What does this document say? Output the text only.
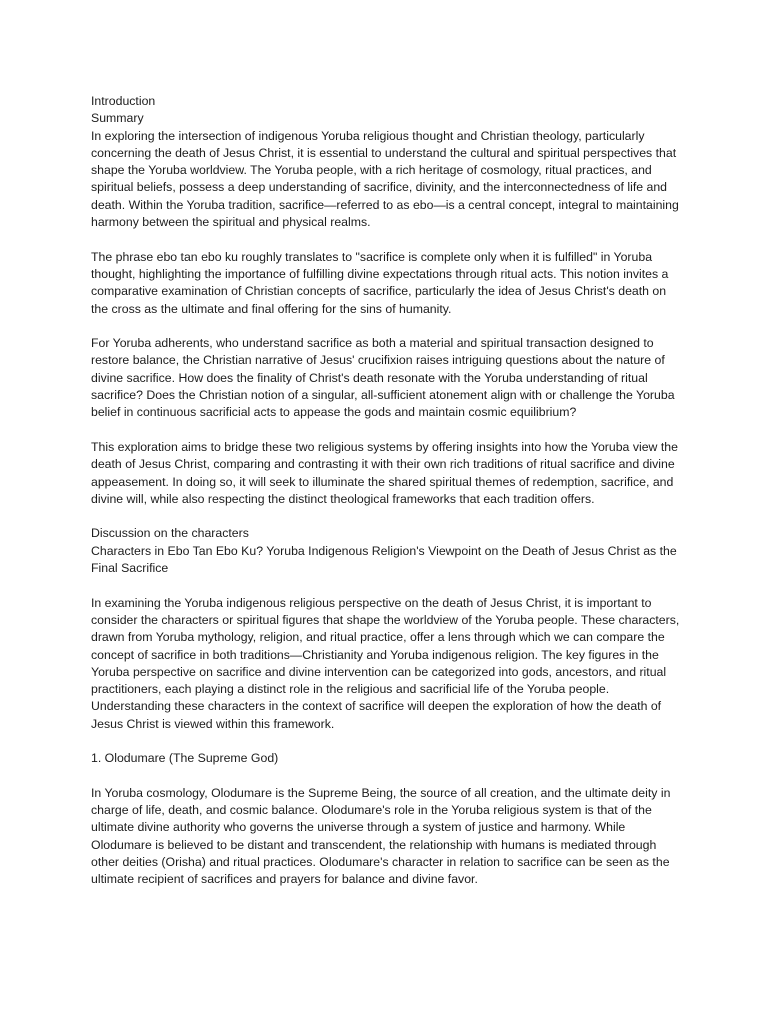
Introduction

Summary

In exploring the intersection of indigenous Yoruba religious thought and Christian theology, particularly concerning the death of Jesus Christ, it is essential to understand the cultural and spiritual perspectives that shape the Yoruba worldview. The Yoruba people, with a rich heritage of cosmology, ritual practices, and spiritual beliefs, possess a deep understanding of sacrifice, divinity, and the interconnectedness of life and death. Within the Yoruba tradition, sacrifice—referred to as ebo—is a central concept, integral to maintaining harmony between the spiritual and physical realms.

The phrase ebo tan ebo ku roughly translates to "sacrifice is complete only when it is fulfilled" in Yoruba thought, highlighting the importance of fulfilling divine expectations through ritual acts. This notion invites a comparative examination of Christian concepts of sacrifice, particularly the idea of Jesus Christ's death on the cross as the ultimate and final offering for the sins of humanity.

For Yoruba adherents, who understand sacrifice as both a material and spiritual transaction designed to restore balance, the Christian narrative of Jesus' crucifixion raises intriguing questions about the nature of divine sacrifice. How does the finality of Christ's death resonate with the Yoruba understanding of ritual sacrifice? Does the Christian notion of a singular, all-sufficient atonement align with or challenge the Yoruba belief in continuous sacrificial acts to appease the gods and maintain cosmic equilibrium?

This exploration aims to bridge these two religious systems by offering insights into how the Yoruba view the death of Jesus Christ, comparing and contrasting it with their own rich traditions of ritual sacrifice and divine appeasement. In doing so, it will seek to illuminate the shared spiritual themes of redemption, sacrifice, and divine will, while also respecting the distinct theological frameworks that each tradition offers.

Discussion on the characters

Characters in Ebo Tan Ebo Ku? Yoruba Indigenous Religion's Viewpoint on the Death of Jesus Christ as the Final Sacrifice

In examining the Yoruba indigenous religious perspective on the death of Jesus Christ, it is important to consider the characters or spiritual figures that shape the worldview of the Yoruba people. These characters, drawn from Yoruba mythology, religion, and ritual practice, offer a lens through which we can compare the concept of sacrifice in both traditions—Christianity and Yoruba indigenous religion. The key figures in the Yoruba perspective on sacrifice and divine intervention can be categorized into gods, ancestors, and ritual practitioners, each playing a distinct role in the religious and sacrificial life of the Yoruba people. Understanding these characters in the context of sacrifice will deepen the exploration of how the death of Jesus Christ is viewed within this framework.

1. Olodumare (The Supreme God)

In Yoruba cosmology, Olodumare is the Supreme Being, the source of all creation, and the ultimate deity in charge of life, death, and cosmic balance. Olodumare's role in the Yoruba religious system is that of the ultimate divine authority who governs the universe through a system of justice and harmony. While Olodumare is believed to be distant and transcendent, the relationship with humans is mediated through other deities (Orisha) and ritual practices. Olodumare's character in relation to sacrifice can be seen as the ultimate recipient of sacrifices and prayers for balance and divine favor.
